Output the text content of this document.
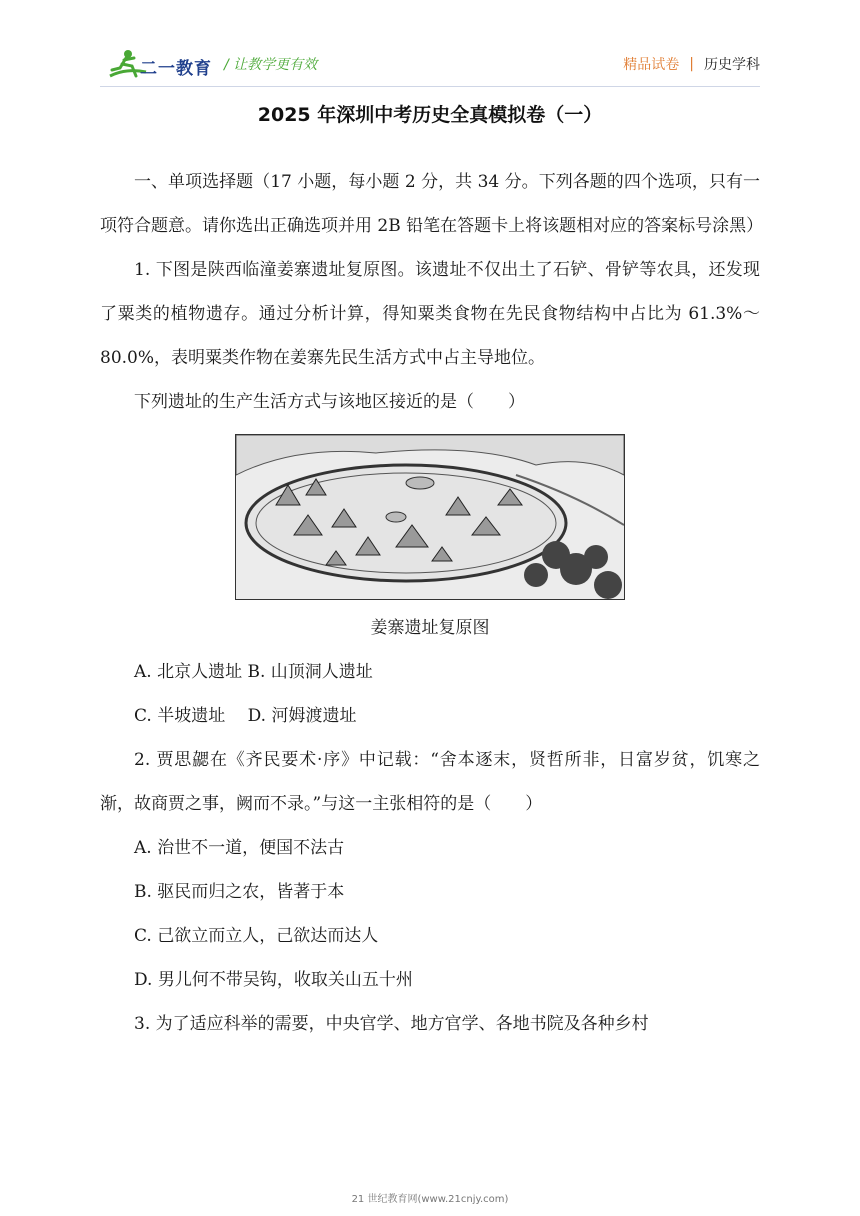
二一教育 / 让教学更有效	精品试卷 | 历史学科
2025 年深圳中考历史全真模拟卷（一）

一、单项选择题（17 小题，每小题 2 分，共 34 分。下列各题的四个选项，只有一项符合题意。请你选出正确选项并用 2B 铅笔在答题卡上将该题相对应的答案标号涂黑）

1. 下图是陕西临潼姜寨遗址复原图。该遗址不仅出土了石铲、骨铲等农具，还发现了粟类的植物遗存。通过分析计算，得知粟类食物在先民食物结构中占比为 61.3%～80.0%，表明粟类作物在姜寨先民生活方式中占主导地位。

下列遗址的生产生活方式与该地区接近的是（　　）

姜寨遗址复原图

A. 北京人遗址 B. 山顶洞人遗址

C. 半坡遗址　 D. 河姆渡遗址

2. 贾思勰在《齐民要术·序》中记载：“舍本逐末，贤哲所非，日富岁贫，饥寒之渐，故商贾之事，阙而不录。”与这一主张相符的是（　　）

A. 治世不一道，便国不法古

B. 驱民而归之农，皆著于本

C. 己欲立而立人，己欲达而达人

D. 男儿何不带吴钩，收取关山五十州

3. 为了适应科举的需要，中央官学、地方官学、各地书院及各种乡村

21 世纪教育网(www.21cnjy.com)
